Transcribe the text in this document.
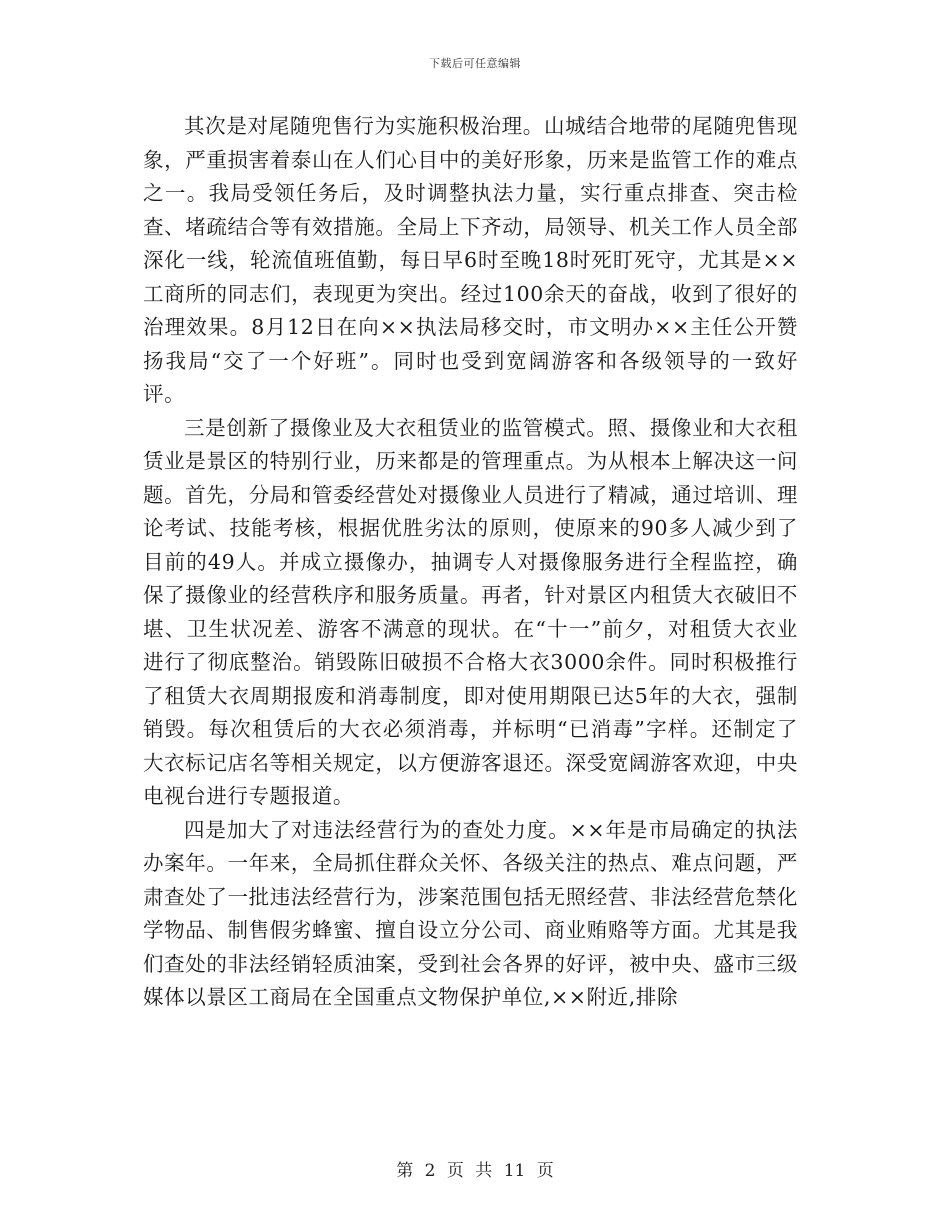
下载后可任意编辑

其次是对尾随兜售行为实施积极治理。山城结合地带的尾随兜售现象，严重损害着泰山在人们心目中的美好形象，历来是监管工作的难点之一。我局受领任务后，及时调整执法力量，实行重点排查、突击检查、堵疏结合等有效措施。全局上下齐动，局领导、机关工作人员全部深化一线，轮流值班值勤，每日早6时至晚18时死盯死守，尤其是××工商所的同志们，表现更为突出。经过100余天的奋战，收到了很好的治理效果。8月12日在向××执法局移交时，市文明办××主任公开赞扬我局“交了一个好班”。同时也受到宽阔游客和各级领导的一致好评。

三是创新了摄像业及大衣租赁业的监管模式。照、摄像业和大衣租赁业是景区的特别行业，历来都是的管理重点。为从根本上解决这一问题。首先，分局和管委经营处对摄像业人员进行了精减，通过培训、理论考试、技能考核，根据优胜劣汰的原则，使原来的90多人减少到了目前的49人。并成立摄像办，抽调专人对摄像服务进行全程监控，确保了摄像业的经营秩序和服务质量。再者，针对景区内租赁大衣破旧不堪、卫生状况差、游客不满意的现状。在“十一”前夕，对租赁大衣业进行了彻底整治。销毁陈旧破损不合格大衣3000余件。同时积极推行了租赁大衣周期报废和消毒制度，即对使用期限已达5年的大衣，强制销毁。每次租赁后的大衣必须消毒，并标明“已消毒”字样。还制定了大衣标记店名等相关规定，以方便游客退还。深受宽阔游客欢迎，中央电视台进行专题报道。

四是加大了对违法经营行为的查处力度。××年是市局确定的执法办案年。一年来，全局抓住群众关怀、各级关注的热点、难点问题，严肃查处了一批违法经营行为，涉案范围包括无照经营、非法经营危禁化学物品、制售假劣蜂蜜、擅自设立分公司、商业贿赂等方面。尤其是我们查处的非法经销轻质油案，受到社会各界的好评，被中央、盛市三级媒体以景区工商局在全国重点文物保护单位,××附近,排除

第 2 页 共 11 页
